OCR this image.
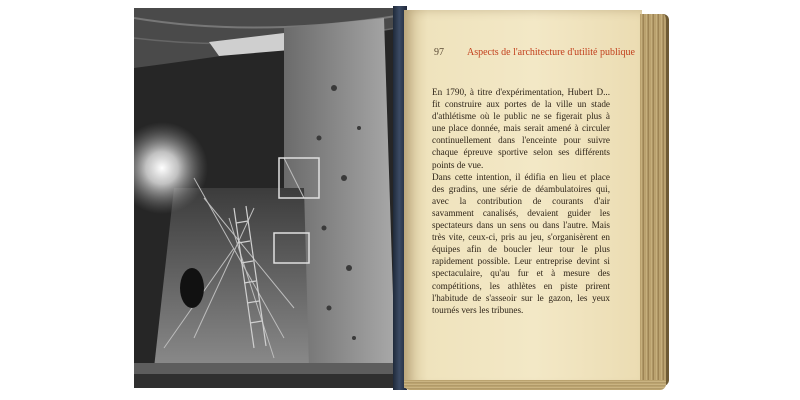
97 Aspects de l'architecture d'utilité publique

En 1790, à titre d'expérimentation, Hubert D... fit construire aux portes de la ville un stade d'athlétisme où le public ne se figerait plus à une place donnée, mais serait amené à circuler continuellement dans l'enceinte pour suivre chaque épreuve sportive selon ses différents points de vue.

Dans cette intention, il édifia en lieu et place des gradins, une série de déambulatoires qui, avec la contribution de courants d'air savamment canalisés, devaient guider les spectateurs dans un sens ou dans l'autre. Mais très vite, ceux-ci, pris au jeu, s'organisèrent en équipes afin de boucler leur tour le plus rapidement possible. Leur entreprise devint si spectaculaire, qu'au fur et à mesure des compétitions, les athlètes en piste prirent l'habitude de s'asseoir sur le gazon, les yeux tournés vers les tribunes.
